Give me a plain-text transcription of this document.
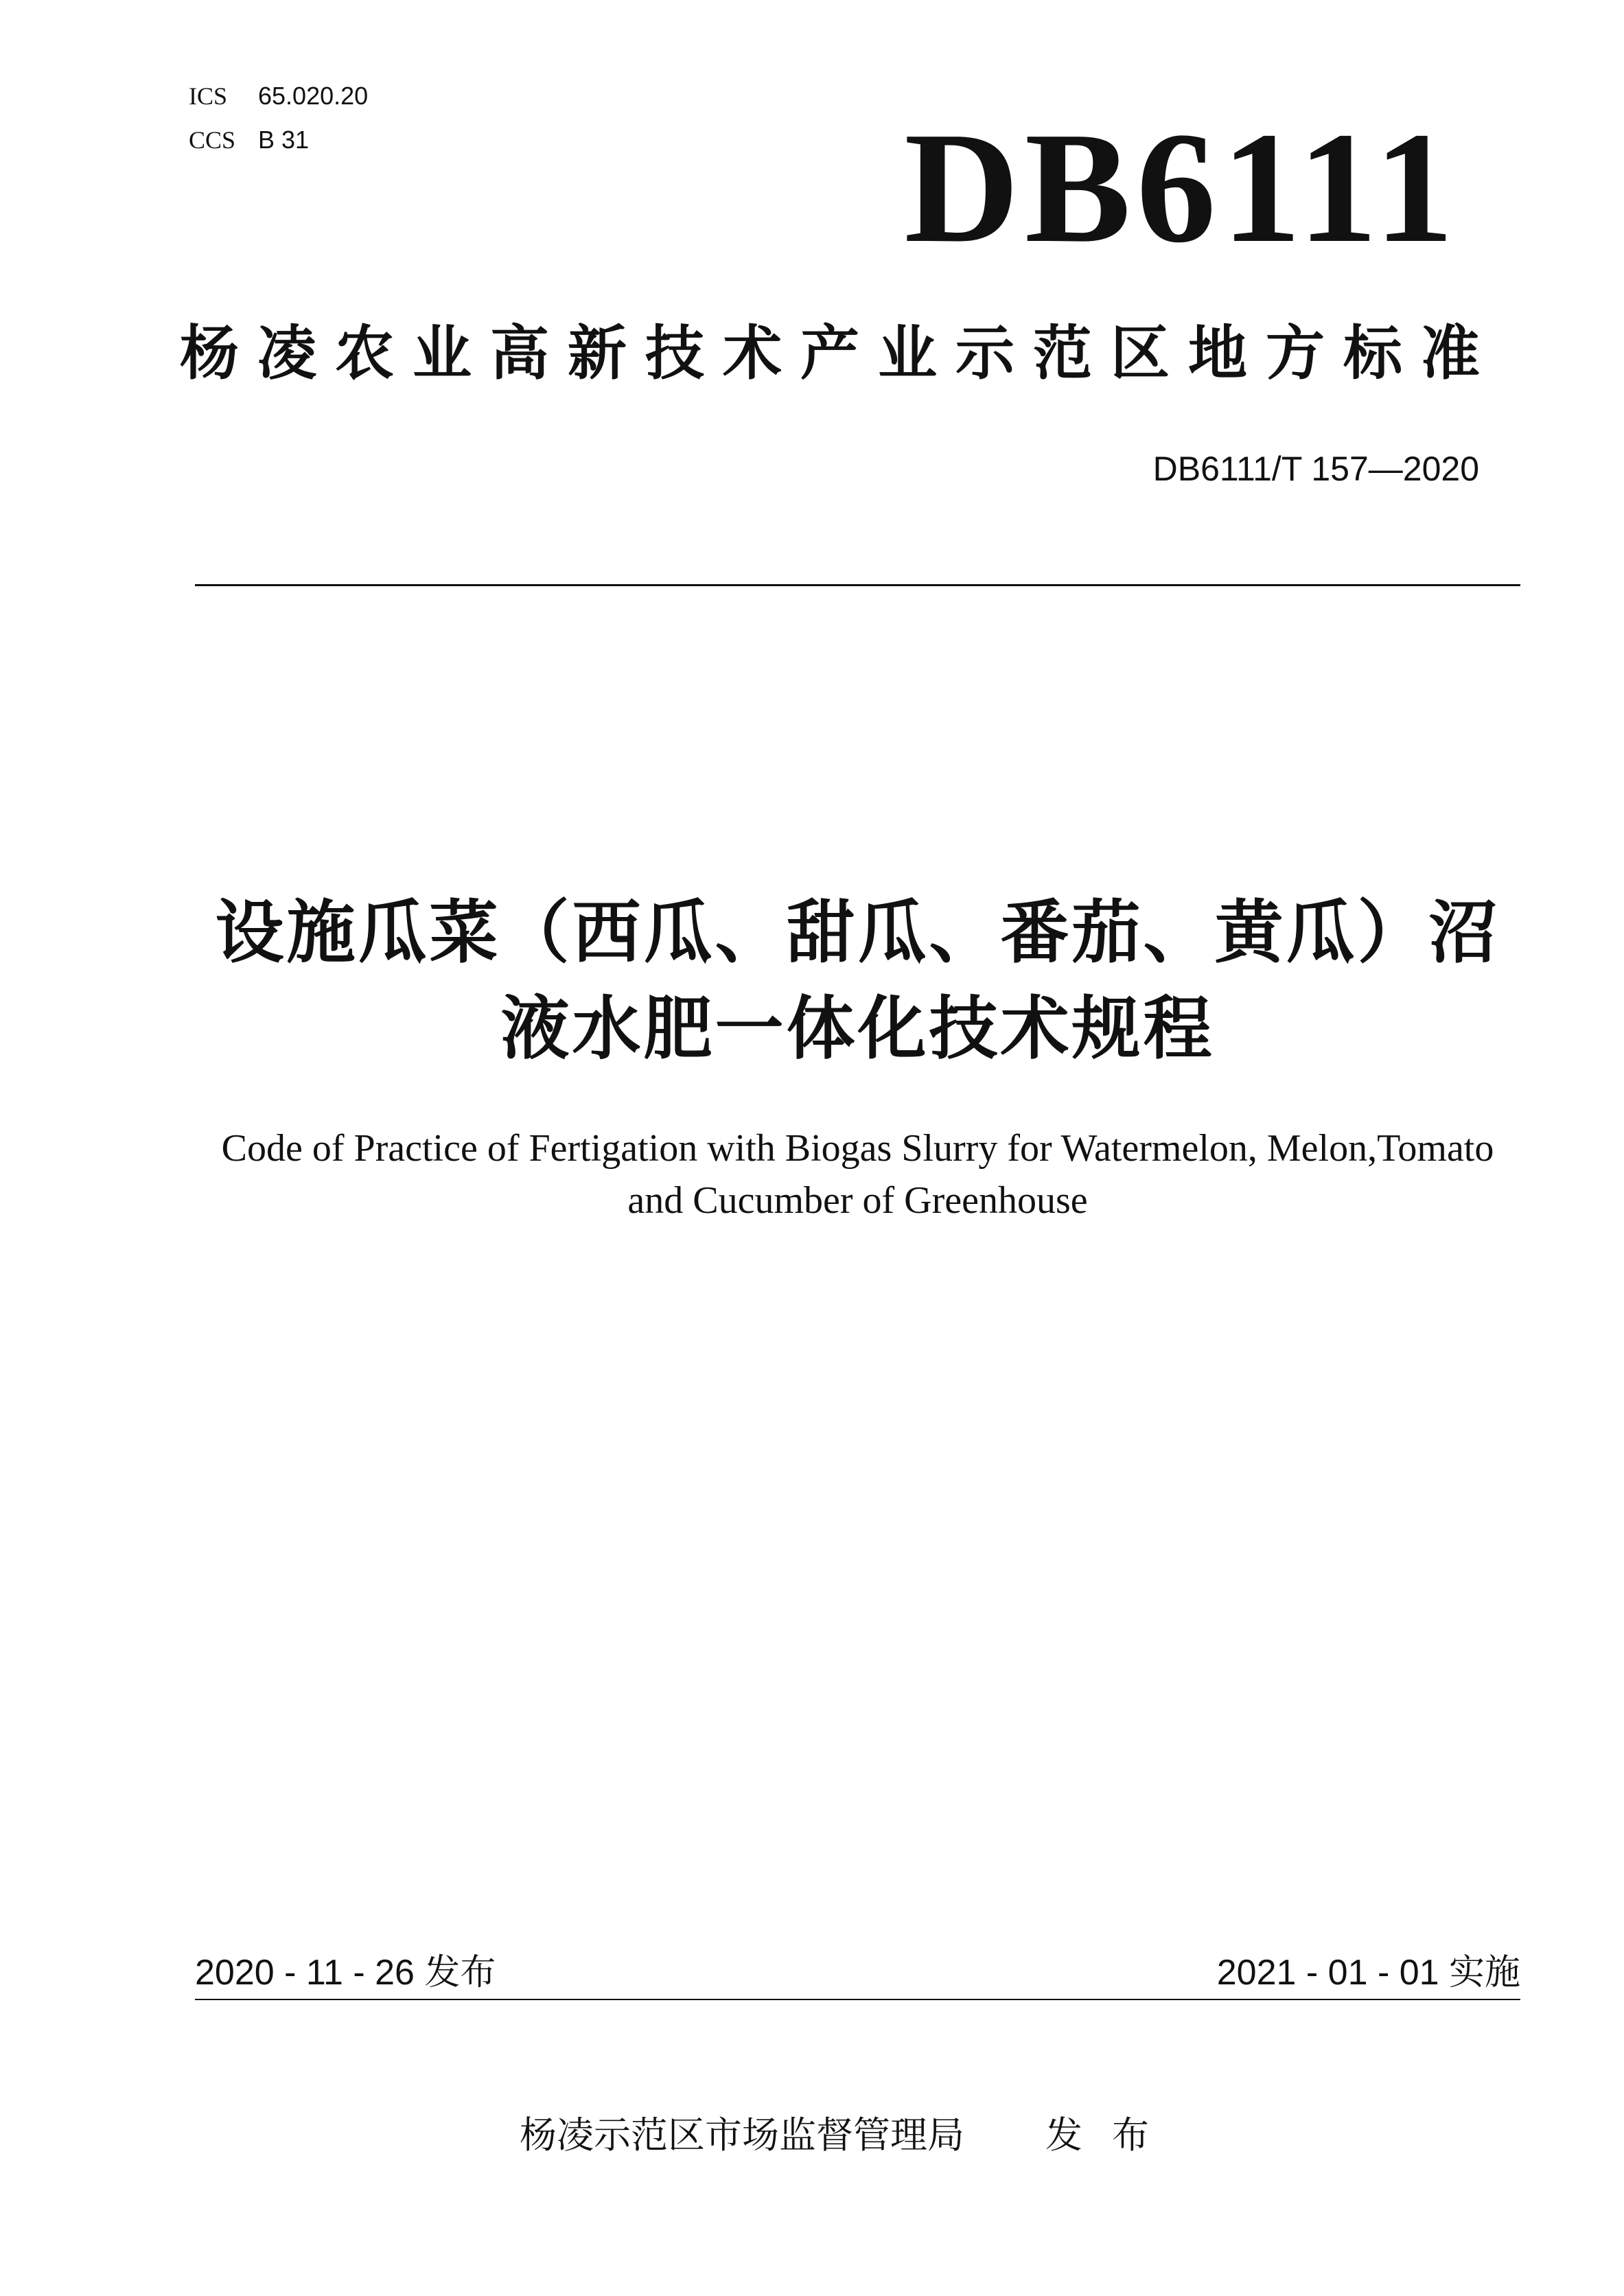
ICS 65.020.20
CCS B 31	DB6111
杨凌农业高新技术产业示范区地方标准
DB6111/T 157—2020
设施瓜菜（西瓜、甜瓜、番茄、黄瓜）沼
液水肥一体化技术规程
Code of Practice of Fertigation with Biogas Slurry for Watermelon, Melon,Tomato
and Cucumber of Greenhouse
2020 - 11 - 26 发布	2021 - 01 - 01 实施
杨凌示范区市场监督管理局 发 布
